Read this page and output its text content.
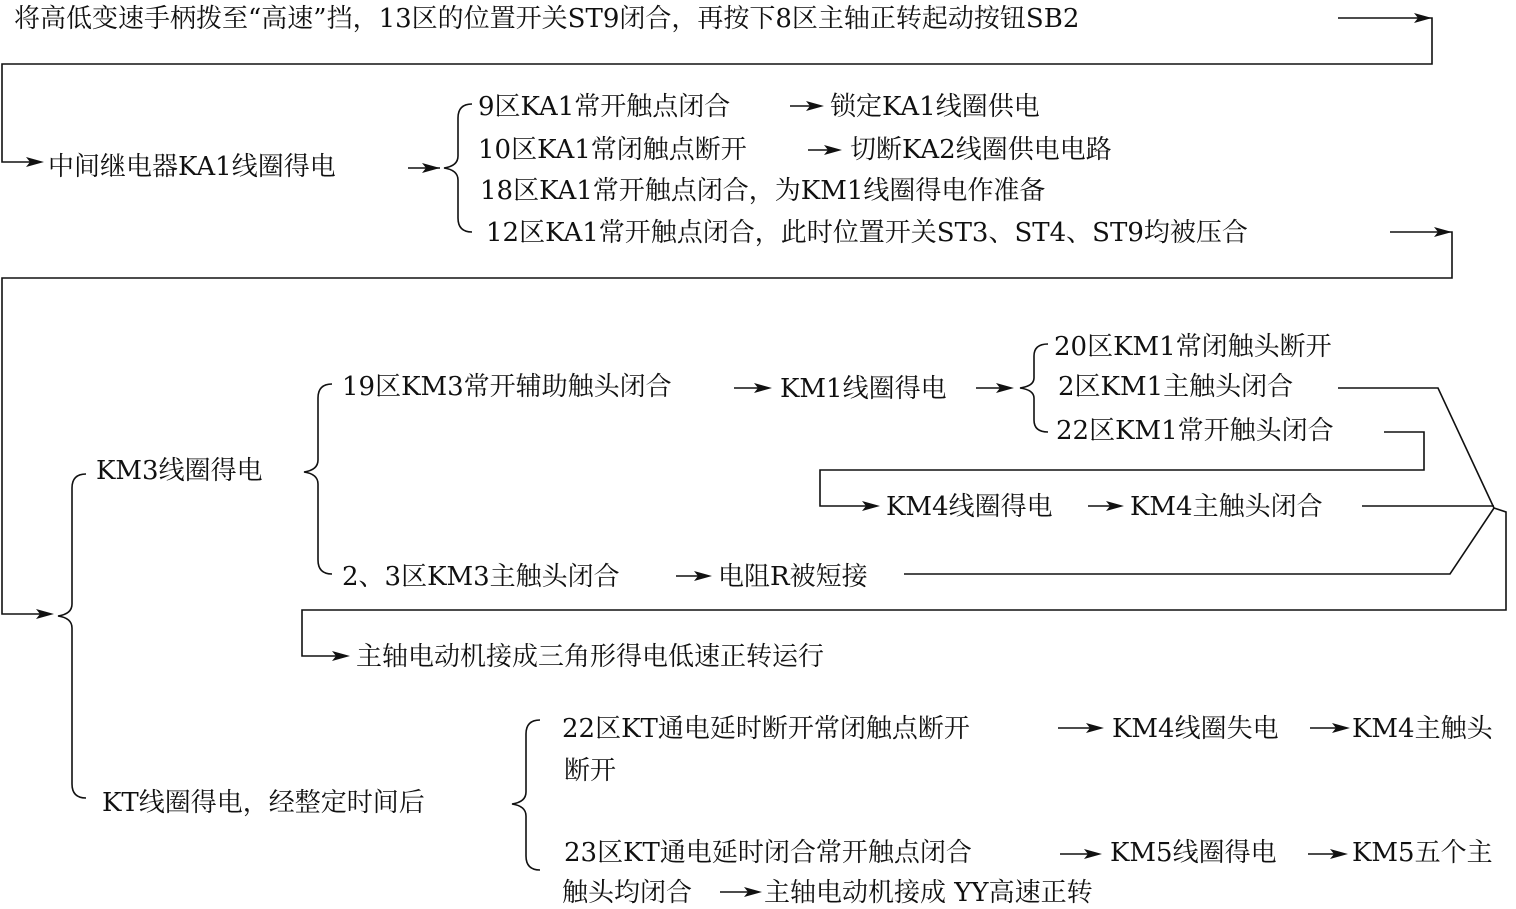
将高低变速手柄拨至“高速”挡，13区的位置开关ST9闭合，再按下8区主轴正转起动按钮SB2
中间继电器KA1线圈得电
9区KA1常开触点闭合	锁定KA1线圈供电
10区KA1常闭触点断开	切断KA2线圈供电电路
18区KA1常开触点闭合，为KM1线圈得电作准备
12区KA1常开触点闭合，此时位置开关ST3、ST4、ST9均被压合
KM3线圈得电
19区KM3常开辅助触头闭合	KM1线圈得电
20区KM1常闭触头断开
2区KM1主触头闭合
22区KM1常开触头闭合
KM4线圈得电	KM4主触头闭合
2、3区KM3主触头闭合	电阻R被短接
主轴电动机接成三角形得电低速正转运行
KT线圈得电，经整定时间后
22区KT通电延时断开常闭触点断开	KM4线圈失电	KM4主触头
断开
23区KT通电延时闭合常开触点闭合	KM5线圈得电	KM5五个主
触头均闭合	主轴电动机接成 YY高速正转
